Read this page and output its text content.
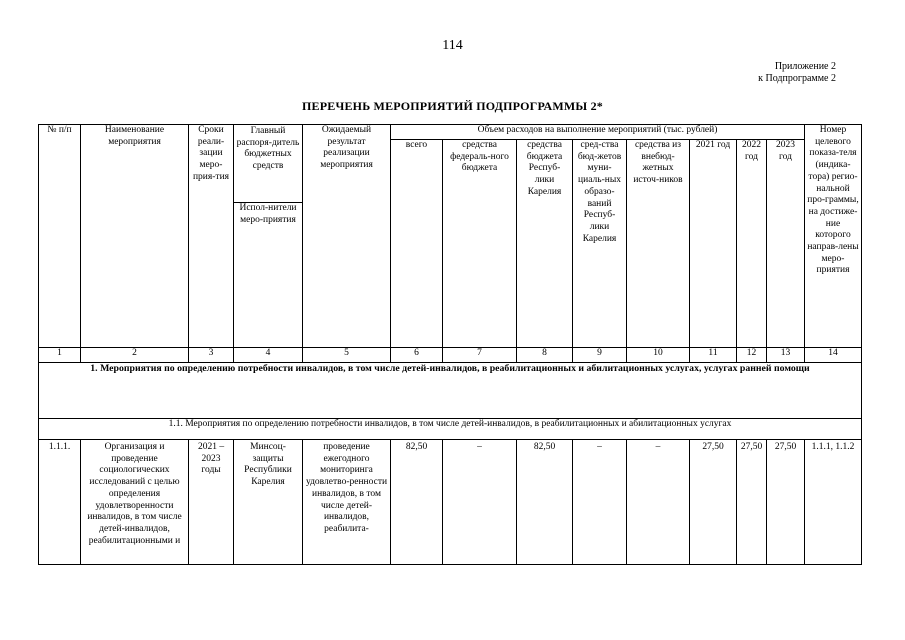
114
Приложение 2
к Подпрограмме 2
ПЕРЕЧЕНЬ МЕРОПРИЯТИЙ ПОДПРОГРАММЫ 2*
№ п/п	Наименование мероприятия	Сроки реали-зации меро-прия-тия	Главный распоря-дитель бюджетных средств
Испол-нители меро-приятия	Ожидаемый результат реализации мероприятия	Объем расходов на выполнение мероприятий (тыс. рублей)								Номер целевого показа-теля (индика-тора) регио-нальной про-граммы, на достиже-ние которого направ-лены меро-приятия
					всего	средства федераль-ного бюджета	средства бюджета Респуб-лики Карелия	сред-ства бюд-жетов муни-циаль-ных образо-ваний Респуб-лики Карелия	средства из внебюд-жетных источ-ников	2021 год	2022 год	2023 год	
1	2	3	4	5	6	7	8	9	10	11	12	13	14
1. Мероприятия по определению потребности инвалидов, в том числе детей-инвалидов, в реабилитационных и абилитационных услугах, услугах ранней помощи													
1.1. Мероприятия по определению потребности инвалидов, в том числе детей-инвалидов, в реабилитационных и абилитационных услугах													
1.1.1.	Организация и проведение социологических исследований с целью определения удовлетворенности инвалидов, в том числе детей-инвалидов, реабилитационными и	2021 – 2023 годы	Минсоц-защиты Республики Карелия	проведение ежегодного мониторинга удовлетво-ренности инвалидов, в том числе детей-инвалидов, реабилита-	82,50	–	82,50	–	–	27,50	27,50	27,50	1.1.1, 1.1.2
